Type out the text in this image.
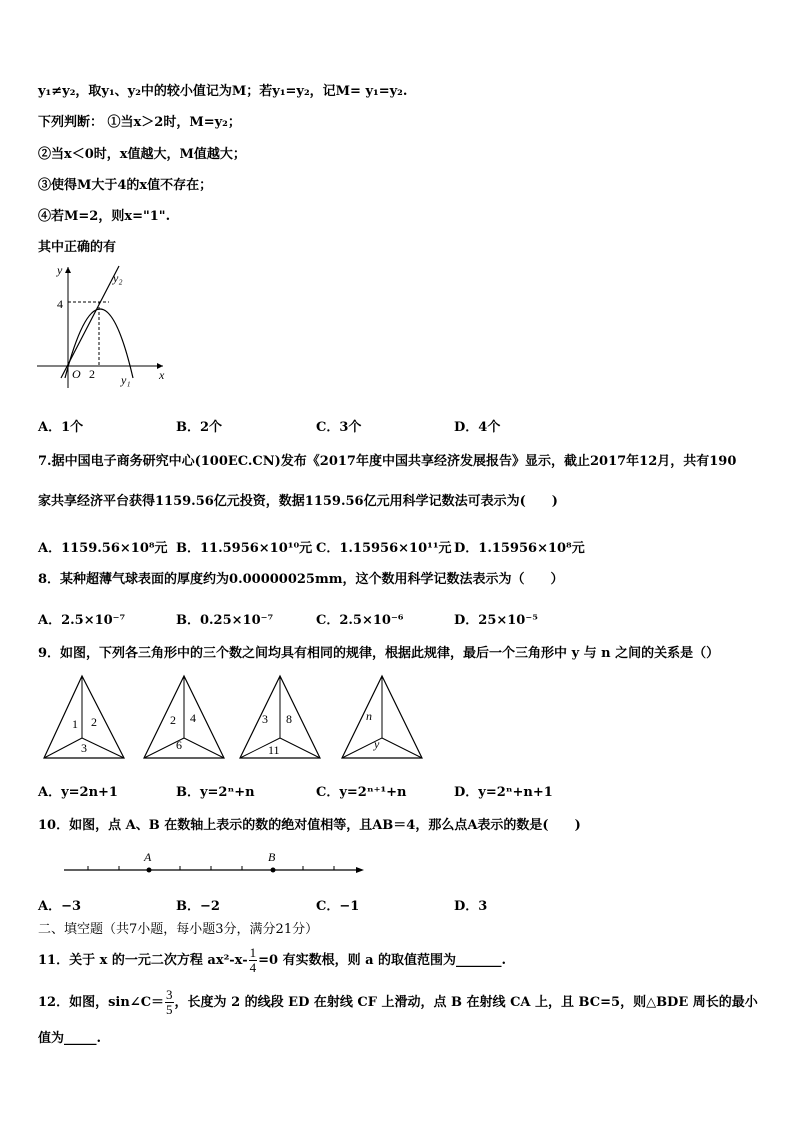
y₁≠y₂，取y₁、y₂中的较小值记为M；若y₁=y₂，记M= y₁=y₂.
下列判断： ①当x＞2时，M=y₂；
②当x＜0时，x值越大，M值越大；
③使得M大于4的x值不存在；
④若M=2，则x="1".
其中正确的有
y
x
4
O 2
y₂
y₁
A．1个	B．2个	C．3个	D．4个
7.据中国电子商务研究中心(100EC.CN)发布《2017年度中国共享经济发展报告》显示，截止2017年12月，共有190
家共享经济平台获得1159.56亿元投资，数据1159.56亿元用科学记数法可表示为(　　)
A．1159.56×10⁸元 B．11.5956×10¹⁰元 C．1.15956×10¹¹元 D．1.15956×10⁸元
8．某种超薄气球表面的厚度约为0.00000025mm，这个数用科学记数法表示为（　　）
A．2.5×10⁻⁷	B．0.25×10⁻⁷	C．2.5×10⁻⁶	D．25×10⁻⁵
9．如图，下列各三角形中的三个数之间均具有相同的规律，根据此规律，最后一个三角形中 y 与 n 之间的关系是（）
1 2
3
2 4
6
3 8
11
n
y
A．y=2n+1	B．y=2ⁿ+n	C．y=2ⁿ⁺¹+n	D．y=2ⁿ+n+1
10．如图，点 A、B 在数轴上表示的数的绝对值相等，且AB＝4，那么点A表示的数是(　　)
A	B
A．−3	B．−2	C．−1	D．3
二、填空题（共7小题，每小题3分，满分21分）
11．关于 x 的一元二次方程 $ax^2-x- \frac{1}{4} =0$ 有实数根，则 a 的取值范围为_______.
12．如图，sin∠C＝ $\frac{3}{5}$ ，长度为 2 的线段 ED 在射线 CF 上滑动，点 B 在射线 CA 上，且 BC=5，则△BDE 周长的最小
值为_____.
